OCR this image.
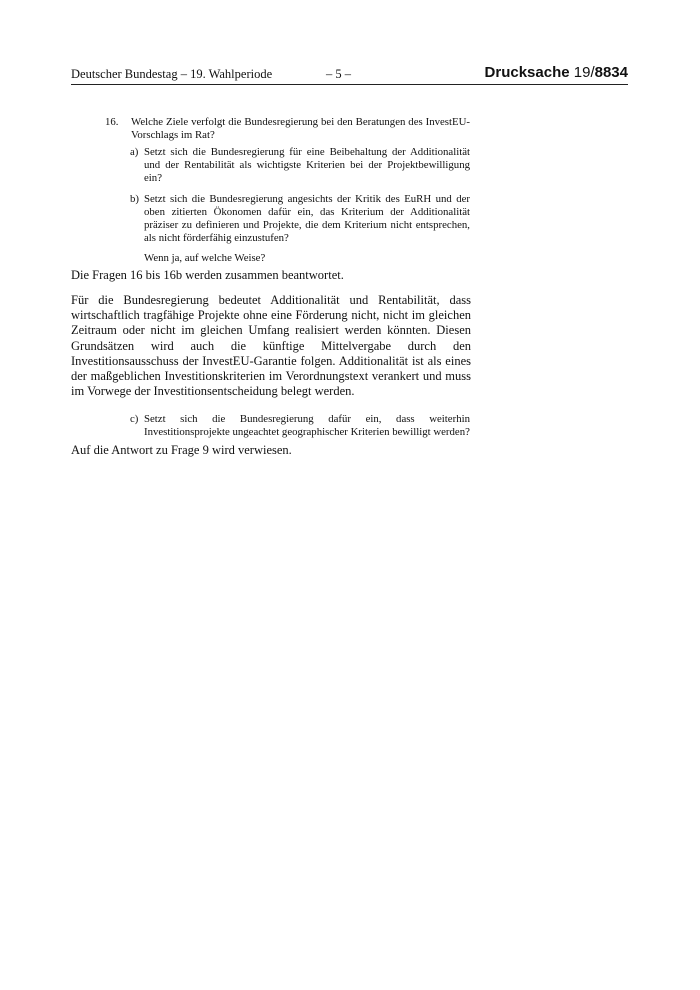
Deutscher Bundestag – 19. Wahlperiode	– 5 –	Drucksache 19/8834
16. Welche Ziele verfolgt die Bundesregierung bei den Beratungen des InvestEU-Vorschlags im Rat?
a) Setzt sich die Bundesregierung für eine Beibehaltung der Additionalität und der Rentabilität als wichtigste Kriterien bei der Projektbewilligung ein?
b) Setzt sich die Bundesregierung angesichts der Kritik des EuRH und der oben zitierten Ökonomen dafür ein, das Kriterium der Additionalität präziser zu definieren und Projekte, die dem Kriterium nicht entsprechen, als nicht förderfähig einzustufen?
Wenn ja, auf welche Weise?
Die Fragen 16 bis 16b werden zusammen beantwortet.
Für die Bundesregierung bedeutet Additionalität und Rentabilität, dass wirtschaftlich tragfähige Projekte ohne eine Förderung nicht, nicht im gleichen Zeitraum oder nicht im gleichen Umfang realisiert werden könnten. Diesen Grundsätzen wird auch die künftige Mittelvergabe durch den Investitionsausschuss der InvestEU-Garantie folgen. Additionalität ist als eines der maßgeblichen Investitionskriterien im Verordnungstext verankert und muss im Vorwege der Investitionsentscheidung belegt werden.
c) Setzt sich die Bundesregierung dafür ein, dass weiterhin Investitionsprojekte ungeachtet geographischer Kriterien bewilligt werden?
Auf die Antwort zu Frage 9 wird verwiesen.
